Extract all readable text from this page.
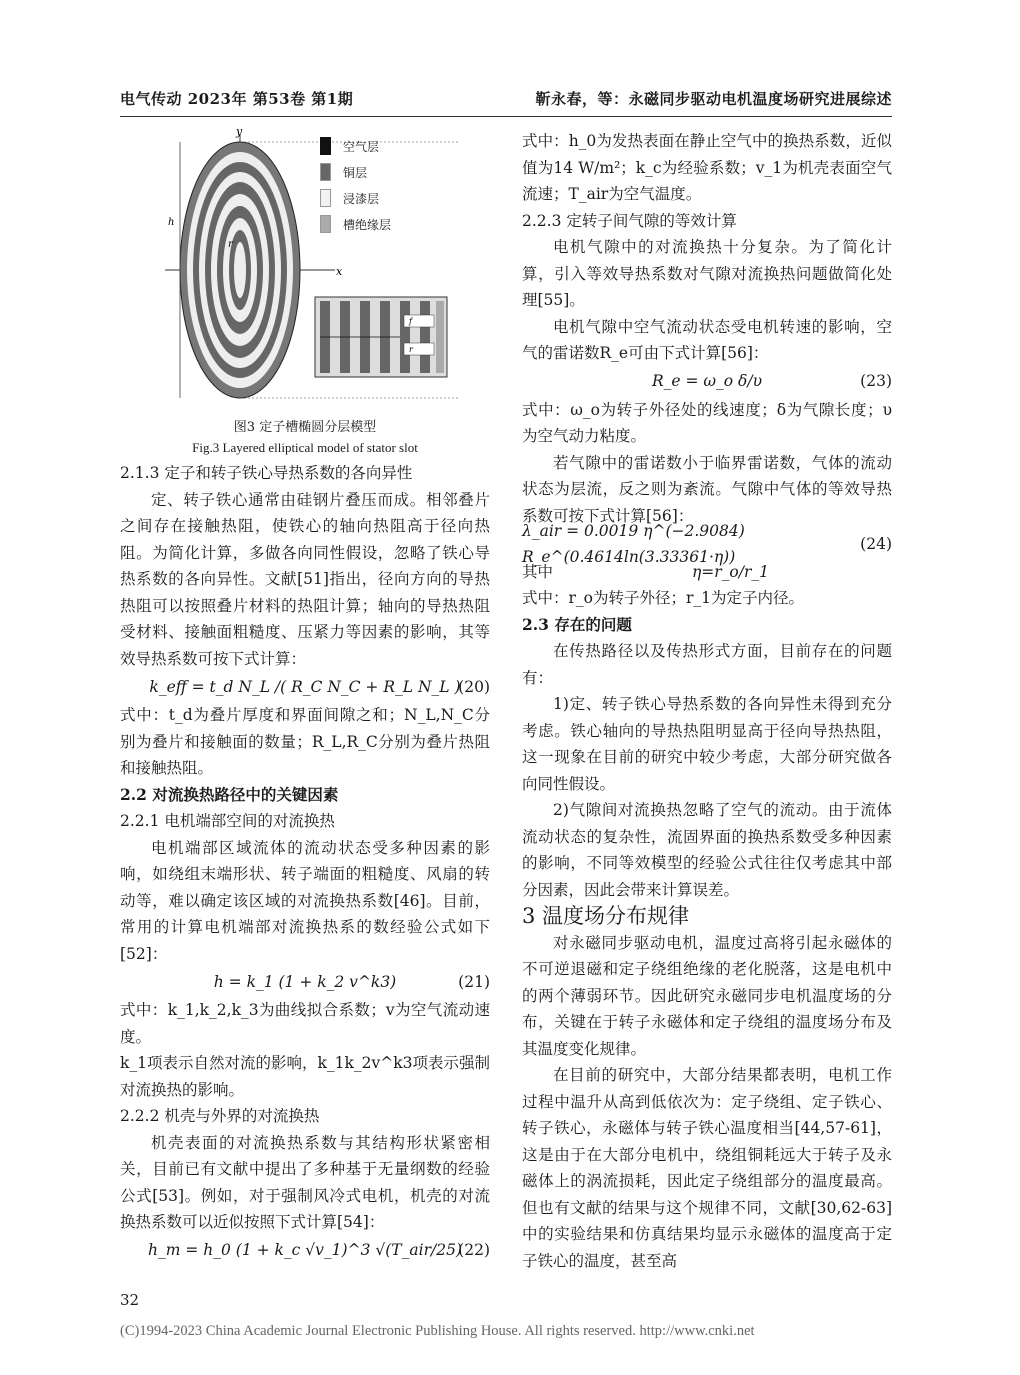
电气传动 2023年 第53卷 第1期	靳永春，等：永磁同步驱动电机温度场研究进展综述
y
x
h
r
f
r
空气层
铜层
浸漆层
槽绝缘层
图3 定子槽椭圆分层模型
Fig.3 Layered elliptical model of stator slot

2.1.3 定子和转子铁心导热系数的各向异性

定、转子铁心通常由硅钢片叠压而成。相邻叠片之间存在接触热阻，使铁心的轴向热阻高于径向热阻。为简化计算，多做各向同性假设，忽略了铁心导热系数的各向异性。文献[51]指出，径向方向的导热热阻可以按照叠片材料的热阻计算；轴向的导热热阻受材料、接触面粗糙度、压紧力等因素的影响，其等效导热系数可按下式计算：

k_eff = t_d N_L /( R_C N_C + R_L N_L )
(20)

式中：t_d为叠片厚度和界面间隙之和；N_L,N_C分别为叠片和接触面的数量；R_L,R_C分别为叠片热阻和接触热阻。

2.2 对流换热路径中的关键因素

2.2.1 电机端部空间的对流换热

电机端部区域流体的流动状态受多种因素的影响，如绕组末端形状、转子端面的粗糙度、风扇的转动等，难以确定该区域的对流换热系数[46]。目前，常用的计算电机端部对流换热系的数经验公式如下[52]：

h = k_1 (1 + k_2 v^k3)	(21)

式中：k_1,k_2,k_3为曲线拟合系数；v为空气流动速度。

k_1项表示自然对流的影响，k_1k_2v^k3项表示强制对流换热的影响。

2.2.2 机壳与外界的对流换热

机壳表面的对流换热系数与其结构形状紧密相关，目前已有文献中提出了多种基于无量纲数的经验公式[53]。例如，对于强制风冷式电机，机壳的对流换热系数可以近似按照下式计算[54]：

h_m = h_0 (1 + k_c √v_1)^3 √(T_air/25)
(22)

式中：h_0为发热表面在静止空气中的换热系数，近似值为14 W/m²；k_c为经验系数；v_1为机壳表面空气流速；T_air为空气温度。

2.2.3 定转子间气隙的等效计算

电机气隙中的对流换热十分复杂。为了简化计算，引入等效导热系数对气隙对流换热问题做简化处理[55]。

电机气隙中空气流动状态受电机转速的影响，空气的雷诺数R_e可由下式计算[56]：

R_e = ω_o δ/υ	(23)

式中：ω_o为转子外径处的线速度；δ为气隙长度；υ为空气动力粘度。

若气隙中的雷诺数小于临界雷诺数，气体的流动状态为层流，反之则为紊流。气隙中气体的等效导热系数可按下式计算[56]：

λ_air = 0.0019 η^(−2.9084) R_e^(0.4614ln(3.33361·η))
(24)
其中	η=r_o/r_1

式中：r_o为转子外径；r_1为定子内径。

2.3 存在的问题

在传热路径以及传热形式方面，目前存在的问题有：

1)定、转子铁心导热系数的各向异性未得到充分考虑。铁心轴向的导热热阻明显高于径向导热热阻，这一现象在目前的研究中较少考虑，大部分研究做各向同性假设。

2)气隙间对流换热忽略了空气的流动。由于流体流动状态的复杂性，流固界面的换热系数受多种因素的影响，不同等效模型的经验公式往往仅考虑其中部分因素，因此会带来计算误差。

3 温度场分布规律

对永磁同步驱动电机，温度过高将引起永磁体的不可逆退磁和定子绕组绝缘的老化脱落，这是电机中的两个薄弱环节。因此研究永磁同步电机温度场的分布，关键在于转子永磁体和定子绕组的温度场分布及其温度变化规律。

在目前的研究中，大部分结果都表明，电机工作过程中温升从高到低依次为：定子绕组、定子铁心、转子铁心，永磁体与转子铁心温度相当[44,57-61]，这是由于在大部分电机中，绕组铜耗远大于转子及永磁体上的涡流损耗，因此定子绕组部分的温度最高。但也有文献的结果与这个规律不同，文献[30,62-63]中的实验结果和仿真结果均显示永磁体的温度高于定子铁心的温度，甚至高

32
(C)1994-2023 China Academic Journal Electronic Publishing House. All rights reserved. http://www.cnki.net
